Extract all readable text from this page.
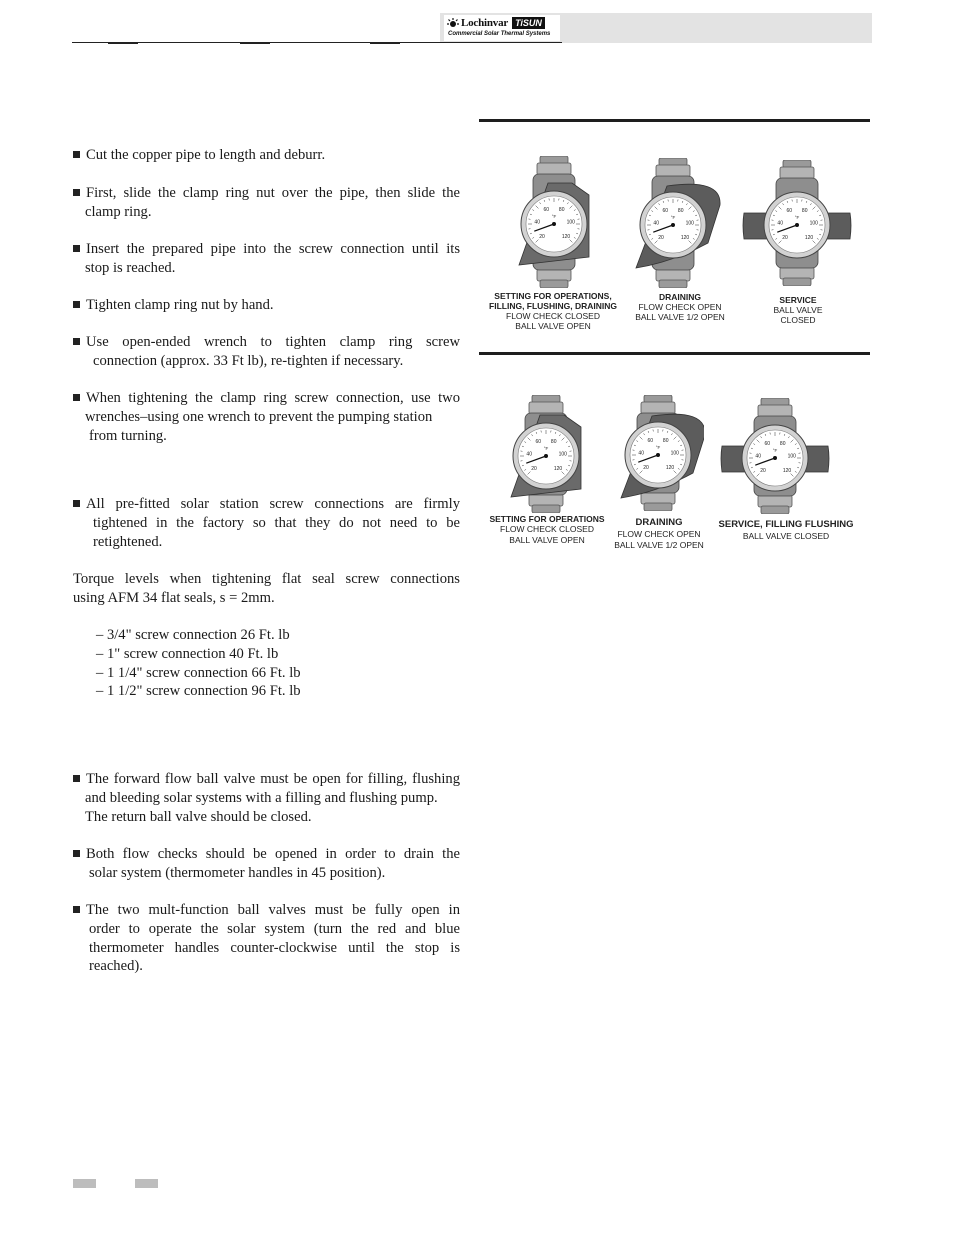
Lochinvar TiSUN
Commercial Solar Thermal Systems
Cut the copper pipe to length and deburr.
First, slide the clamp ring nut over the pipe, then slide the
clamp ring.
Insert the prepared pipe into the screw connection until its
stop is reached.
Tighten clamp ring nut by hand.
Use open-ended wrench to tighten clamp ring screw
connection (approx. 33 Ft lb), re-tighten if necessary.
When tightening the clamp ring screw connection, use two
wrenches–using one wrench to prevent the pumping station
from turning.
All pre-fitted solar station screw connections are firmly
tightened in the factory so that they do not need to be
retightened.
Torque levels when tightening flat seal screw connections
using AFM 34 flat seals, s = 2mm.
– 3/4" screw connection 26 Ft. lb
– 1" screw connection 40 Ft. lb
– 1 1/4" screw connection 66 Ft. lb
– 1 1/2" screw connection 96 Ft. lb
The forward flow ball valve must be open for filling, flushing
and bleeding solar systems with a filling and flushing pump.
The return ball valve should be closed.
Both flow checks should be opened in order to drain the
solar system (thermometer handles in 45 position).
The two mult-function ball valves must be fully open in
order to operate the solar system (turn the red and blue
thermometer handles counter-clockwise until the stop is
reached).
20
40
60 80
100
120
°F
20
40
60 80
100
120
°F
20
40
60 80
100
120
°F
20
40
60 80
100
120
°F
20
40
60 80
100
120
°F
20
40
60 80
100
120
°F
SETTING FOR OPERATIONS,
FILLING, FLUSHING, DRAINING
FLOW CHECK CLOSED
BALL VALVE OPEN
DRAINING
FLOW CHECK OPEN
BALL VALVE 1/2 OPEN
SERVICE
BALL VALVE
CLOSED
SETTING FOR OPERATIONS
FLOW CHECK CLOSED
BALL VALVE OPEN
DRAINING
FLOW CHECK OPEN
BALL VALVE 1/2 OPEN
SERVICE, FILLING FLUSHING
BALL VALVE CLOSED
